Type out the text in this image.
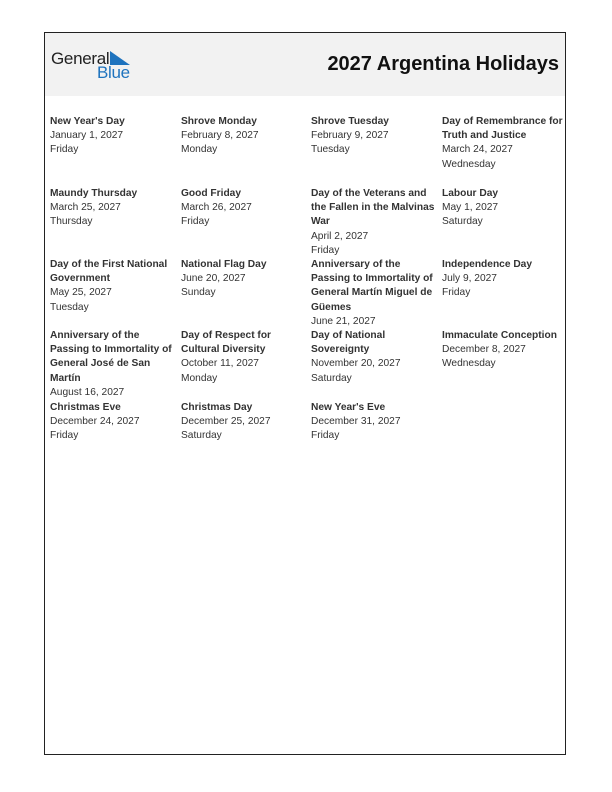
General
Blue	2027 Argentina Holidays
New Year's Day
January 1, 2027
Friday
Shrove Monday
February 8, 2027
Monday
Shrove Tuesday
February 9, 2027
Tuesday
Day of Remembrance for Truth and Justice
March 24, 2027
Wednesday
Maundy Thursday
March 25, 2027
Thursday
Good Friday
March 26, 2027
Friday
Day of the Veterans and the Fallen in the Malvinas War
April 2, 2027
Friday
Labour Day
May 1, 2027
Saturday
Day of the First National Government
May 25, 2027
Tuesday
National Flag Day
June 20, 2027
Sunday
Anniversary of the Passing to Immortality of General Martín Miguel de Güemes
June 21, 2027
Independence Day
July 9, 2027
Friday
Anniversary of the Passing to Immortality of General José de San Martín
August 16, 2027
Day of Respect for Cultural Diversity
October 11, 2027
Monday
Day of National Sovereignty
November 20, 2027
Saturday
Immaculate Conception
December 8, 2027
Wednesday
Christmas Eve
December 24, 2027
Friday
Christmas Day
December 25, 2027
Saturday
New Year's Eve
December 31, 2027
Friday
